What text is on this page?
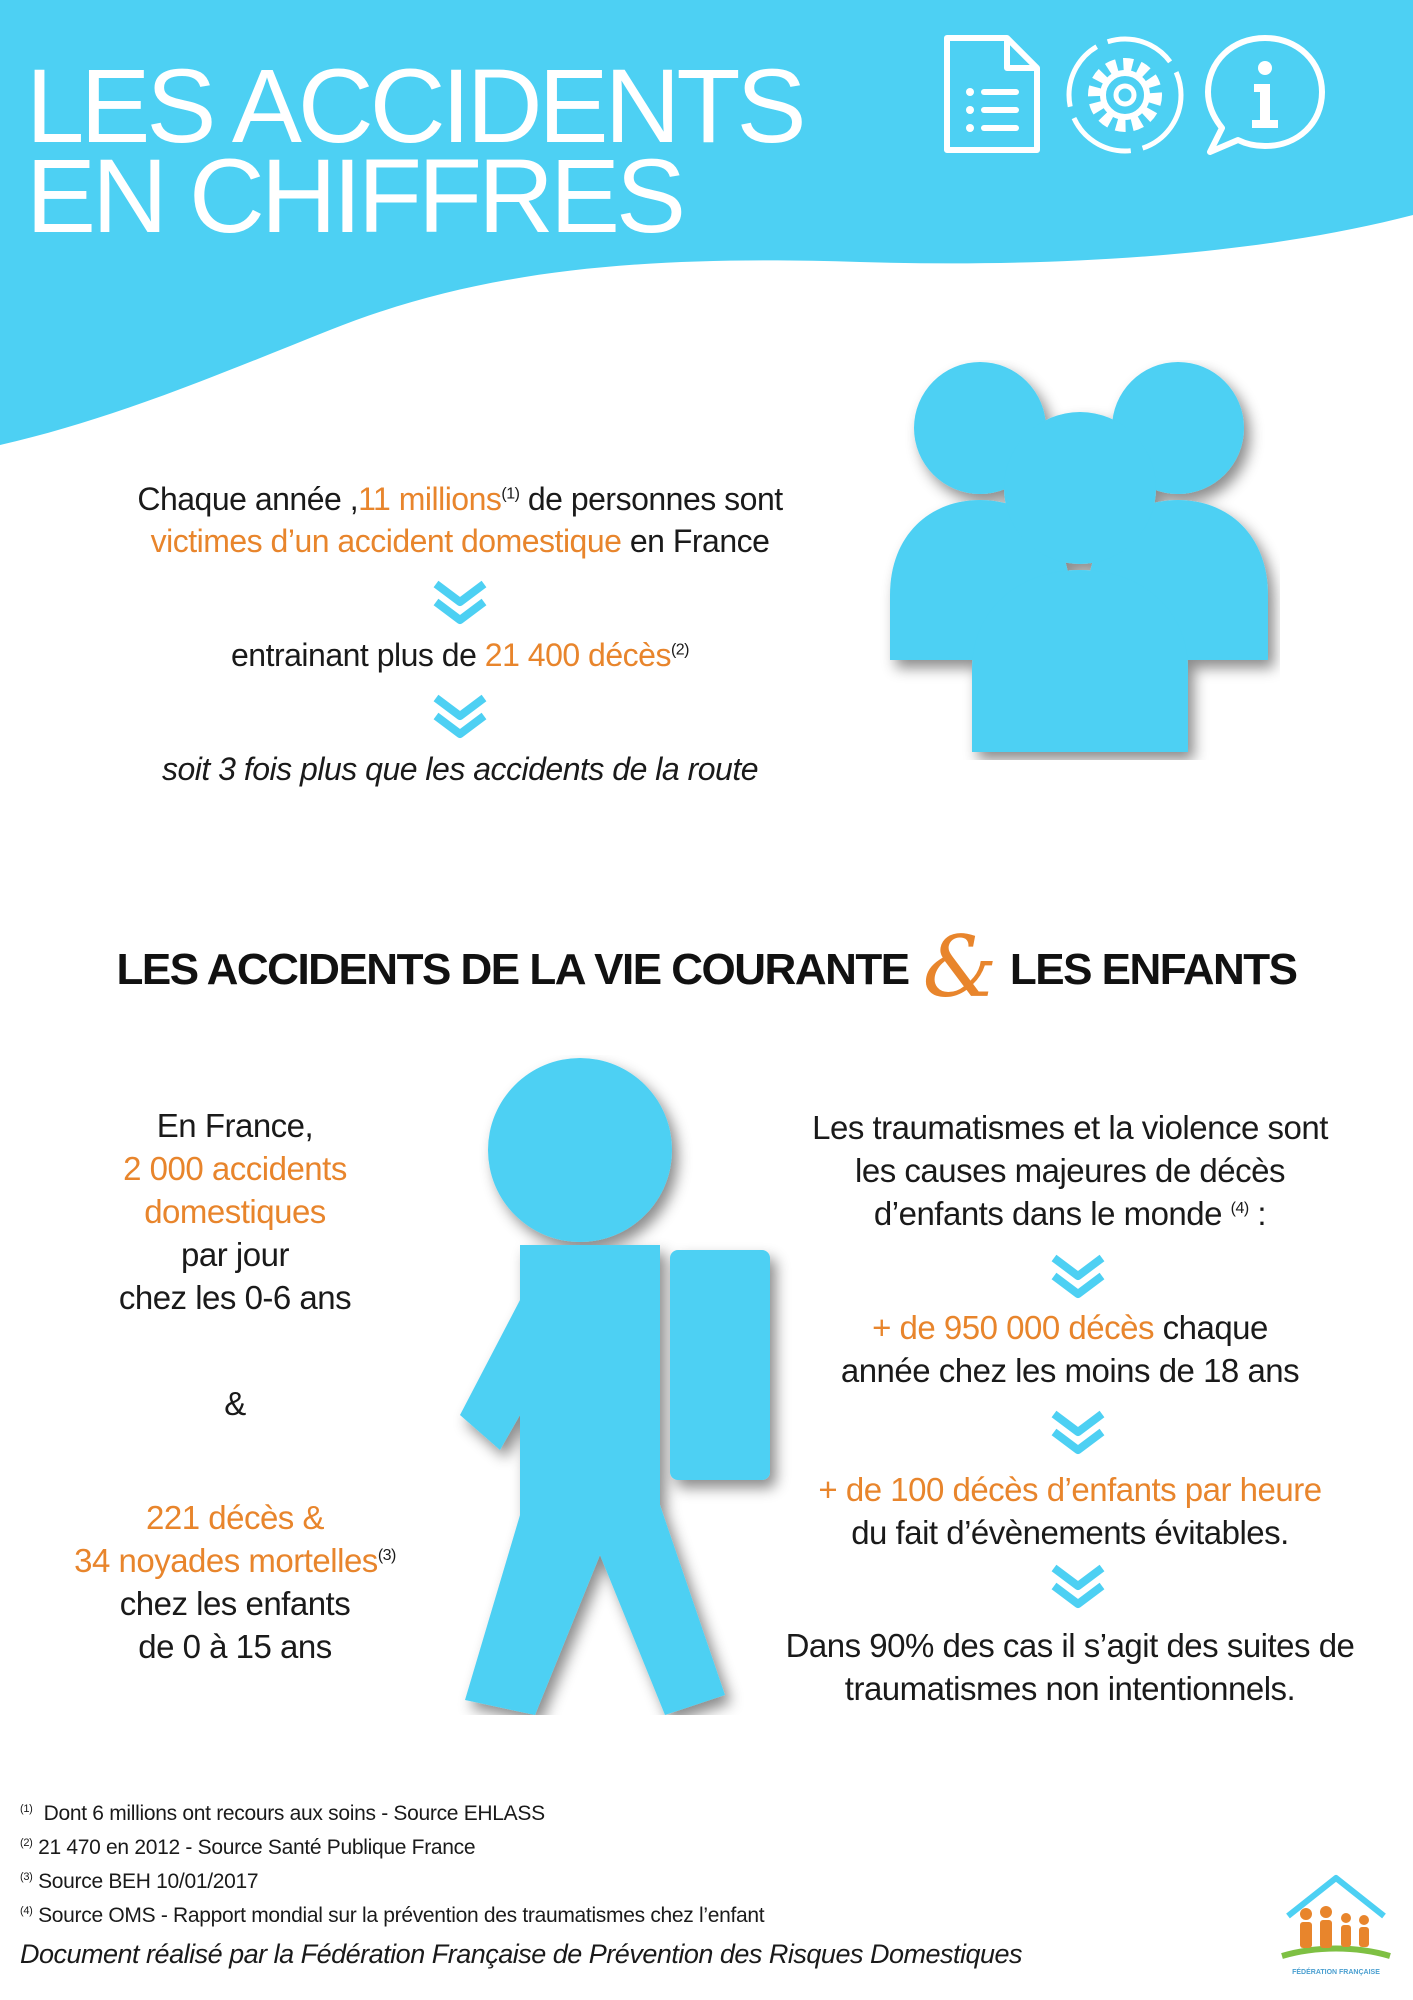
LES ACCIDENTS
EN CHIFFRES
Chaque année ,11 millions$^{(1)}$ de personnes sont
victimes d’un accident domestique en France
entrainant plus de 21 400 décès$^{(2)}$
soit 3 fois plus que les accidents de la route
LES ACCIDENTS DE LA VIE COURANTE & LES ENFANTS
En France,
2 000 accidents
domestiques
par jour
chez les 0-6 ans
&
221 décès &
34 noyades mortelles$^{(3)}$
chez les enfants
de 0 à 15 ans
Les traumatismes et la violence sont
les causes majeures de décès
d’enfants dans le monde $^{(4)}$ :
+ de 950 000 décès chaque
année chez les moins de 18 ans
+ de 100 décès d’enfants par heure
du fait d’évènements évitables.
Dans 90% des cas il s’agit des suites de
traumatismes non intentionnels.
$^{(1)}$  Dont 6 millions ont recours aux soins - Source EHLASS
$^{(2)}$ 21 470 en 2012 - Source Santé Publique France
$^{(3)}$ Source BEH 10/01/2017
$^{(4)}$ Source OMS - Rapport mondial sur la prévention des traumatismes chez l’enfant
Document réalisé par la Fédération Française de Prévention des Risques Domestiques
FÉDÉRATION FRANÇAISE
